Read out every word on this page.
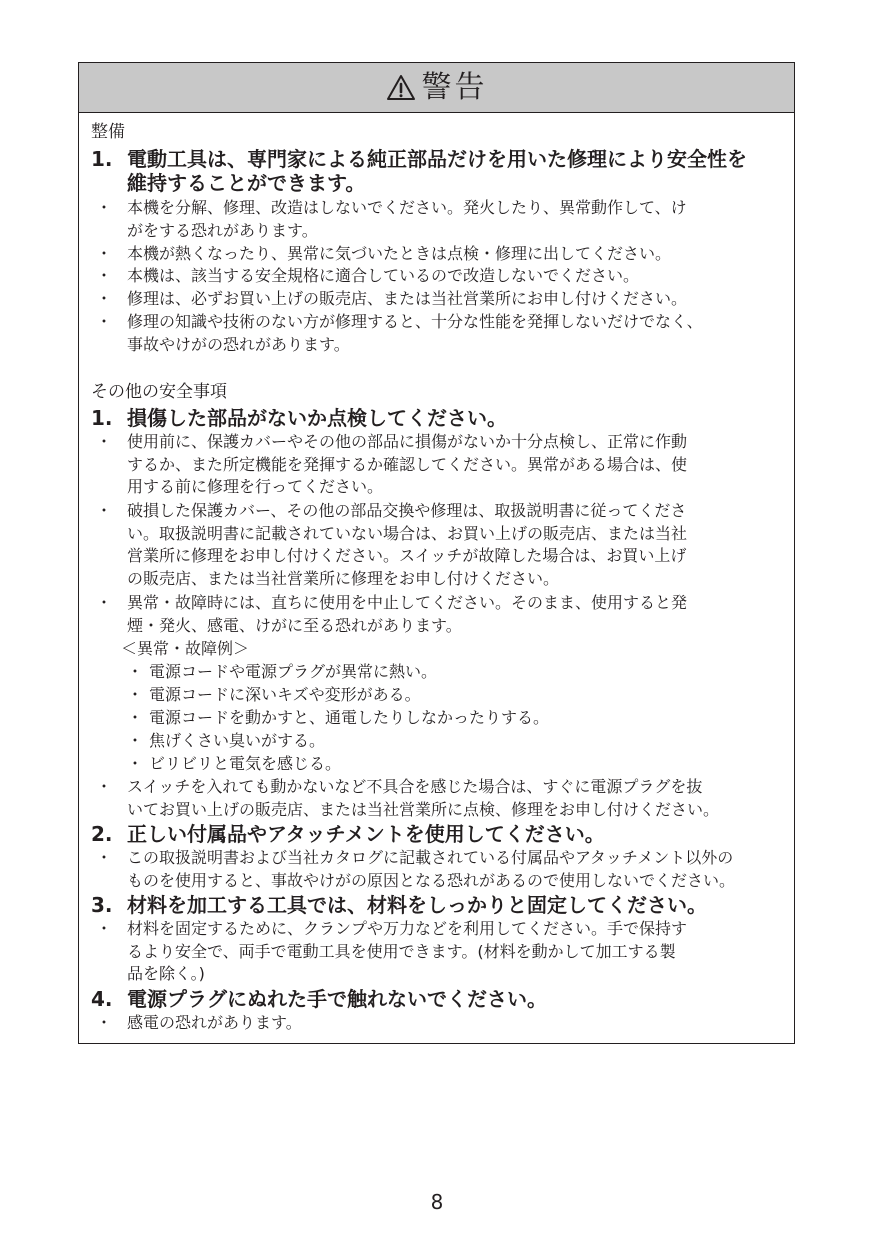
警告
整備
1. 電動工具は、専門家による純正部品だけを用いた修理により安全性を
維持することができます。
・ 本機を分解、修理、改造はしないでください。発火したり、異常動作して、け
がをする恐れがあります。
・ 本機が熱くなったり、異常に気づいたときは点検・修理に出してください。
・ 本機は、該当する安全規格に適合しているので改造しないでください。
・ 修理は、必ずお買い上げの販売店、または当社営業所にお申し付けください。
・ 修理の知識や技術のない方が修理すると、十分な性能を発揮しないだけでなく、
事故やけがの恐れがあります。
その他の安全事項
1. 損傷した部品がないか点検してください。
・ 使用前に、保護カバーやその他の部品に損傷がないか十分点検し、正常に作動
するか、また所定機能を発揮するか確認してください。異常がある場合は、使
用する前に修理を行ってください。
・ 破損した保護カバー、その他の部品交換や修理は、取扱説明書に従ってくださ
い。取扱説明書に記載されていない場合は、お買い上げの販売店、または当社
営業所に修理をお申し付けください。スイッチが故障した場合は、お買い上げ
の販売店、または当社営業所に修理をお申し付けください。
・ 異常・故障時には、直ちに使用を中止してください。そのまま、使用すると発
煙・発火、感電、けがに至る恐れがあります。
＜異常・故障例＞
・ 電源コードや電源プラグが異常に熱い。
・ 電源コードに深いキズや変形がある。
・ 電源コードを動かすと、通電したりしなかったりする。
・ 焦げくさい臭いがする。
・ ビリビリと電気を感じる。
・ スイッチを入れても動かないなど不具合を感じた場合は、すぐに電源プラグを抜
いてお買い上げの販売店、または当社営業所に点検、修理をお申し付けください。
2. 正しい付属品やアタッチメントを使用してください。
・ この取扱説明書および当社カタログに記載されている付属品やアタッチメント以外の
ものを使用すると、事故やけがの原因となる恐れがあるので使用しないでください。
3. 材料を加工する工具では、材料をしっかりと固定してください。
・ 材料を固定するために、クランプや万力などを利用してください。手で保持す
るより安全で、両手で電動工具を使用できます。(材料を動かして加工する製
品を除く。)
4. 電源プラグにぬれた手で触れないでください。
・ 感電の恐れがあります。
8
